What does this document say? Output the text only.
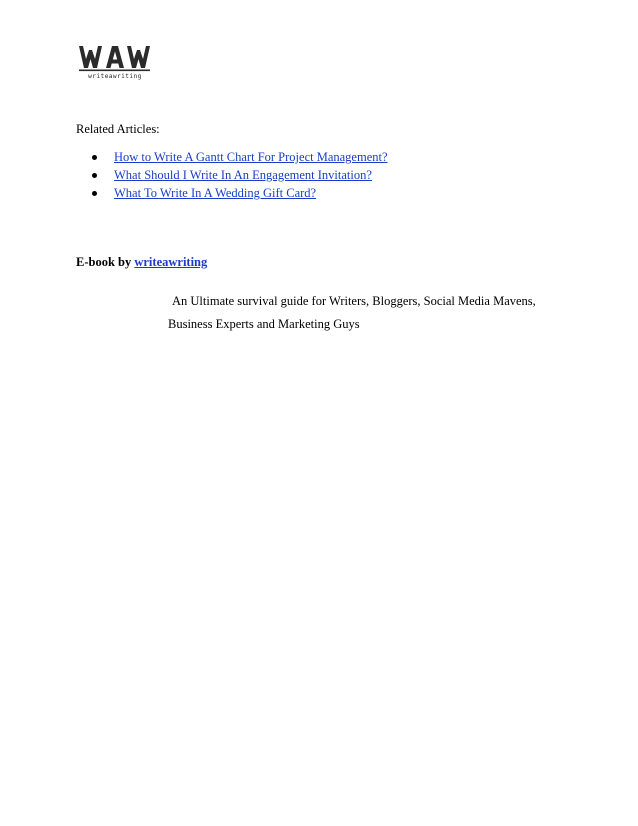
writeawriting

Related Articles:

How to Write A Gantt Chart For Project Management?
What Should I Write In An Engagement Invitation?
What To Write In A Wedding Gift Card?

E-book by writeawriting

An Ultimate survival guide for Writers, Bloggers, Social Media Mavens,
Business Experts and Marketing Guys
